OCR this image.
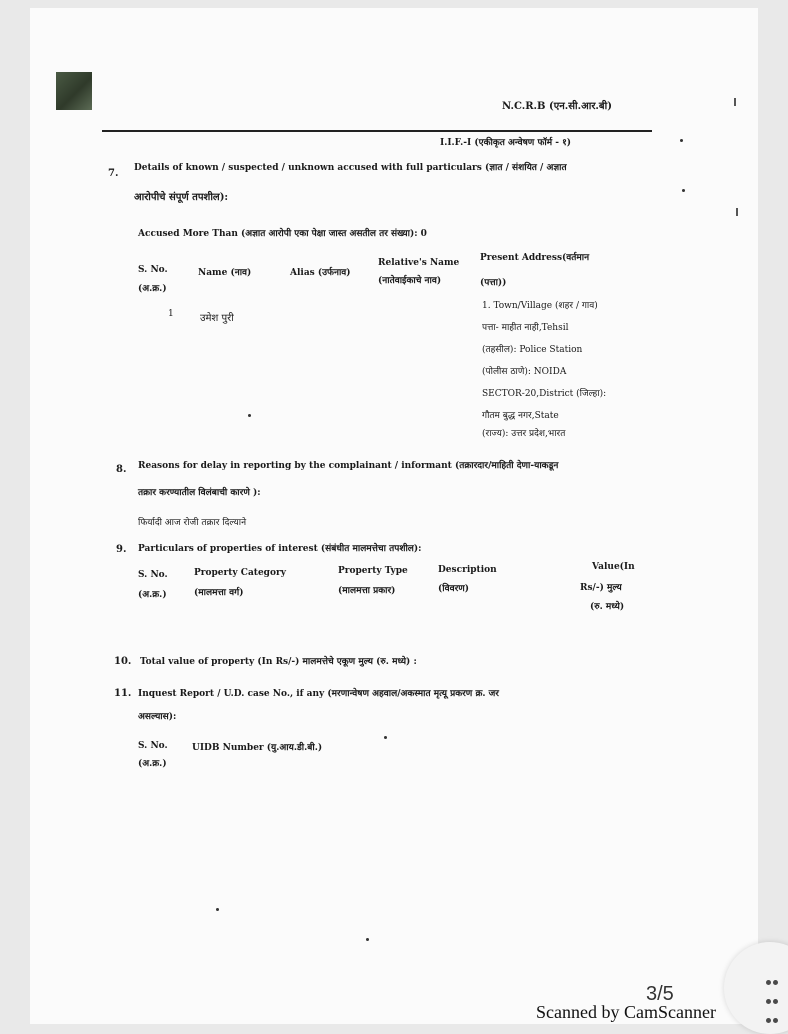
N.C.R.B (एन.सी.आर.बी)
I.I.F.-I (एकीकृत अन्वेषण फॉर्म - १)
7. Details of known / suspected / unknown accused with full particulars (ज्ञात / संशयित / अज्ञात
आरोपीचे संपूर्ण तपशील):
Accused More Than (अज्ञात आरोपी एका पेक्षा जास्त असतील तर संख्या): 0
S. No.
(अ.क्र.)
Name (नाव)	Alias (उर्फनाव)
Relative's Name
(नातेवाईकाचे नाव)
Present Address(वर्तमान
(पत्ता))
1	उमेश पुरी
1. Town/Village (शहर / गाव)
पत्ता- माहीत नाही,Tehsil
(तहसील): Police Station
(पोलीस ठाणे): NOIDA
SECTOR-20,District (जिल्हा):
गौतम बुद्ध नगर,State
(राज्य): उत्तर प्रदेश,भारत
8. Reasons for delay in reporting by the complainant / informant (तक्रारदार/माहिती देणा-याकडून
तक्रार करण्यातील विलंबाची कारणे ):
फिर्यादी आज रोजी तक्रार दिल्याने
9. Particulars of properties of interest (संबंधीत मालमत्तेचा तपशील):
S. No.
(अ.क्र.)
Property Category
(मालमत्ता वर्ग)
Property Type
(मालमत्ता प्रकार)
Description
(विवरण)
Value(In
Rs/-) मुल्य
(रु. मध्ये)
10. Total value of property (In Rs/-) मालमत्तेचे एकूण मुल्य (रु. मध्ये) :
11. Inquest Report / U.D. case No., if any (मरणान्वेषण अहवाल/अकस्मात मृत्यू प्रकरण क्र. जर
असल्यास):
S. No.
(अ.क्र.)
UIDB Number (यु.आय.डी.बी.)
3/5
Scanned by CamScanner
